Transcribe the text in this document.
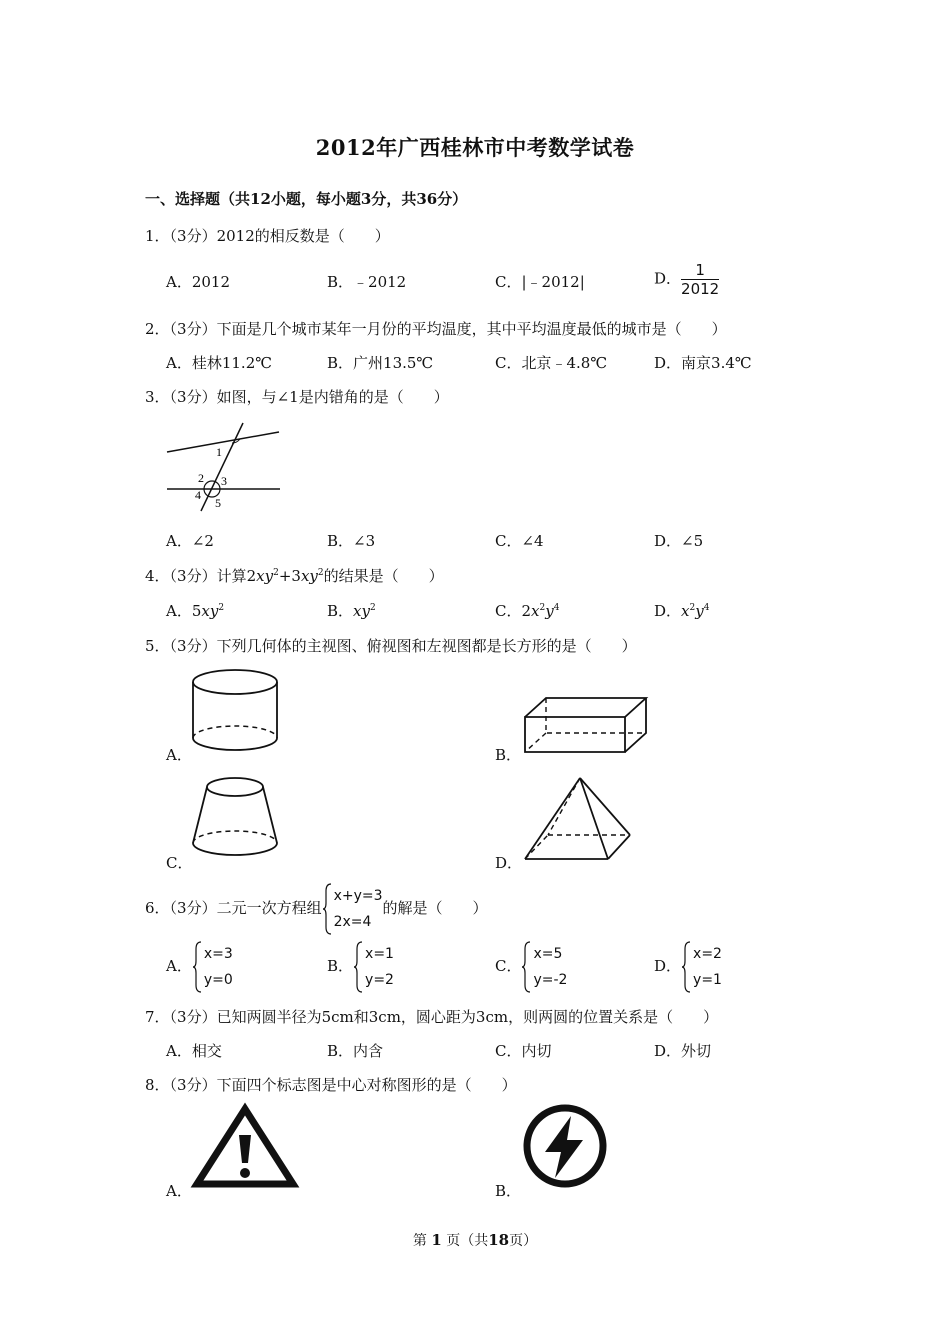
2012年广西桂林市中考数学试卷
一、选择题（共12小题，每小题3分，共36分）
1．（3分）2012的相反数是（　　）
A．2012	B．﹣2012	C．|﹣2012|	D． $\frac{1}{2012}$
2．（3分）下面是几个城市某年一月份的平均温度，其中平均温度最低的城市是（　　）
A．桂林11.2℃	B．广州13.5℃	C．北京﹣4.8℃	D．南京3.4℃
3．（3分）如图，与∠1是内错角的是（　　）
1
2 3
4
5
A．∠2	B．∠3	C．∠4	D．∠5
4．（3分）计算$2xy^2+3xy^2$的结果是（　　）
A．$5xy^2$	B．$xy^2$	C．$2x^2y^4$	D．$x^2y^4$
5．（3分）下列几何体的主视图、俯视图和左视图都是长方形的是（　　）
A．	B．
C．	D．
6．（3分）二元一次方程组
x+y=3
2x=4
的解是（　　）
A．
x=3
y=0
B．
x=1
y=2
C．
x=5
y=-2
D．
x=2
y=1
7．（3分）已知两圆半径为5cm和3cm，圆心距为3cm，则两圆的位置关系是（　　）
A．相交	B．内含	C．内切	D．外切
8．（3分）下面四个标志图是中心对称图形的是（　　）
A．	B．
第 1 页（共18页）
